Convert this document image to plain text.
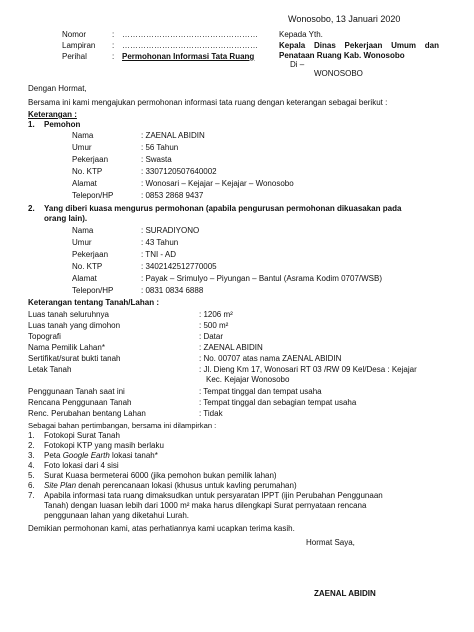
Wonosobo, 13 Januari 2020
Nomor	: ……………………………………………
Lampiran : ……………………………………………
Perihal	: Permohonan Informasi Tata Ruang
Kepada Yth.
Kepala Dinas Pekerjaan Umum dan
Penataan Ruang Kab. Wonosobo
Di –
WONOSOBO
Dengan Hormat,
Bersama ini kami mengajukan permohonan informasi tata ruang dengan keterangan sebagai berikut :
Keterangan :
1. Pemohon
Nama	: ZAENAL ABIDIN
Umur	: 56 Tahun
Pekerjaan	: Swasta
No. KTP	: 3307120507640002
Alamat	: Wonosari – Kejajar – Kejajar – Wonosobo
Telepon/HP	: 0853 2868 9437
2. Yang diberi kuasa mengurus permohonan (apabila pengurusan permohonan dikuasakan pada
orang lain).
Nama	: SURADIYONO
Umur	: 43 Tahun
Pekerjaan	: TNI - AD
No. KTP	: 3402142512770005
Alamat	: Payak – Srimulyo – Piyungan – Bantul (Asrama Kodim 0707/WSB)
Telepon/HP	: 0831 0834 6888
Keterangan tentang Tanah/Lahan :
Luas tanah seluruhnya	: 1206 m²
Luas tanah yang dimohon	: 500 m²
Topografi	: Datar
Nama Pemilik Lahan*	: ZAENAL ABIDIN
Sertifikat/surat bukti tanah	: No. 00707 atas nama ZAENAL ABIDIN
Letak Tanah	: Jl. Dieng Km 17, Wonosari RT 03 /RW 09 Kel/Desa : Kejajar
Kec. Kejajar Wonosobo
Penggunaan Tanah saat ini	: Tempat tinggal dan tempat usaha
Rencana Penggunaan Tanah	: Tempat tinggal dan sebagian tempat usaha
Renc. Perubahan bentang Lahan	: Tidak
Sebagai bahan pertimbangan, bersama ini dilampirkan :
1. Fotokopi Surat Tanah
2. Fotokopi KTP yang masih berlaku
3. Peta Google Earth lokasi tanah*
4. Foto lokasi dari 4 sisi
5. Surat Kuasa bermeterai 6000 (jika pemohon bukan pemilik lahan)
6. Site Plan denah perencanaan lokasi (khusus untuk kavling perumahan)
7. Apabila informasi tata ruang dimaksudkan untuk persyaratan IPPT (ijin Perubahan Penggunaan
Tanah) dengan luasan lebih dari 1000 m² maka harus dilengkapi Surat pernyataan rencana
penggunaan lahan yang diketahui Lurah.
Demikian permohonan kami, atas perhatiannya kami ucapkan terima kasih.
Hormat Saya,
ZAENAL ABIDIN
